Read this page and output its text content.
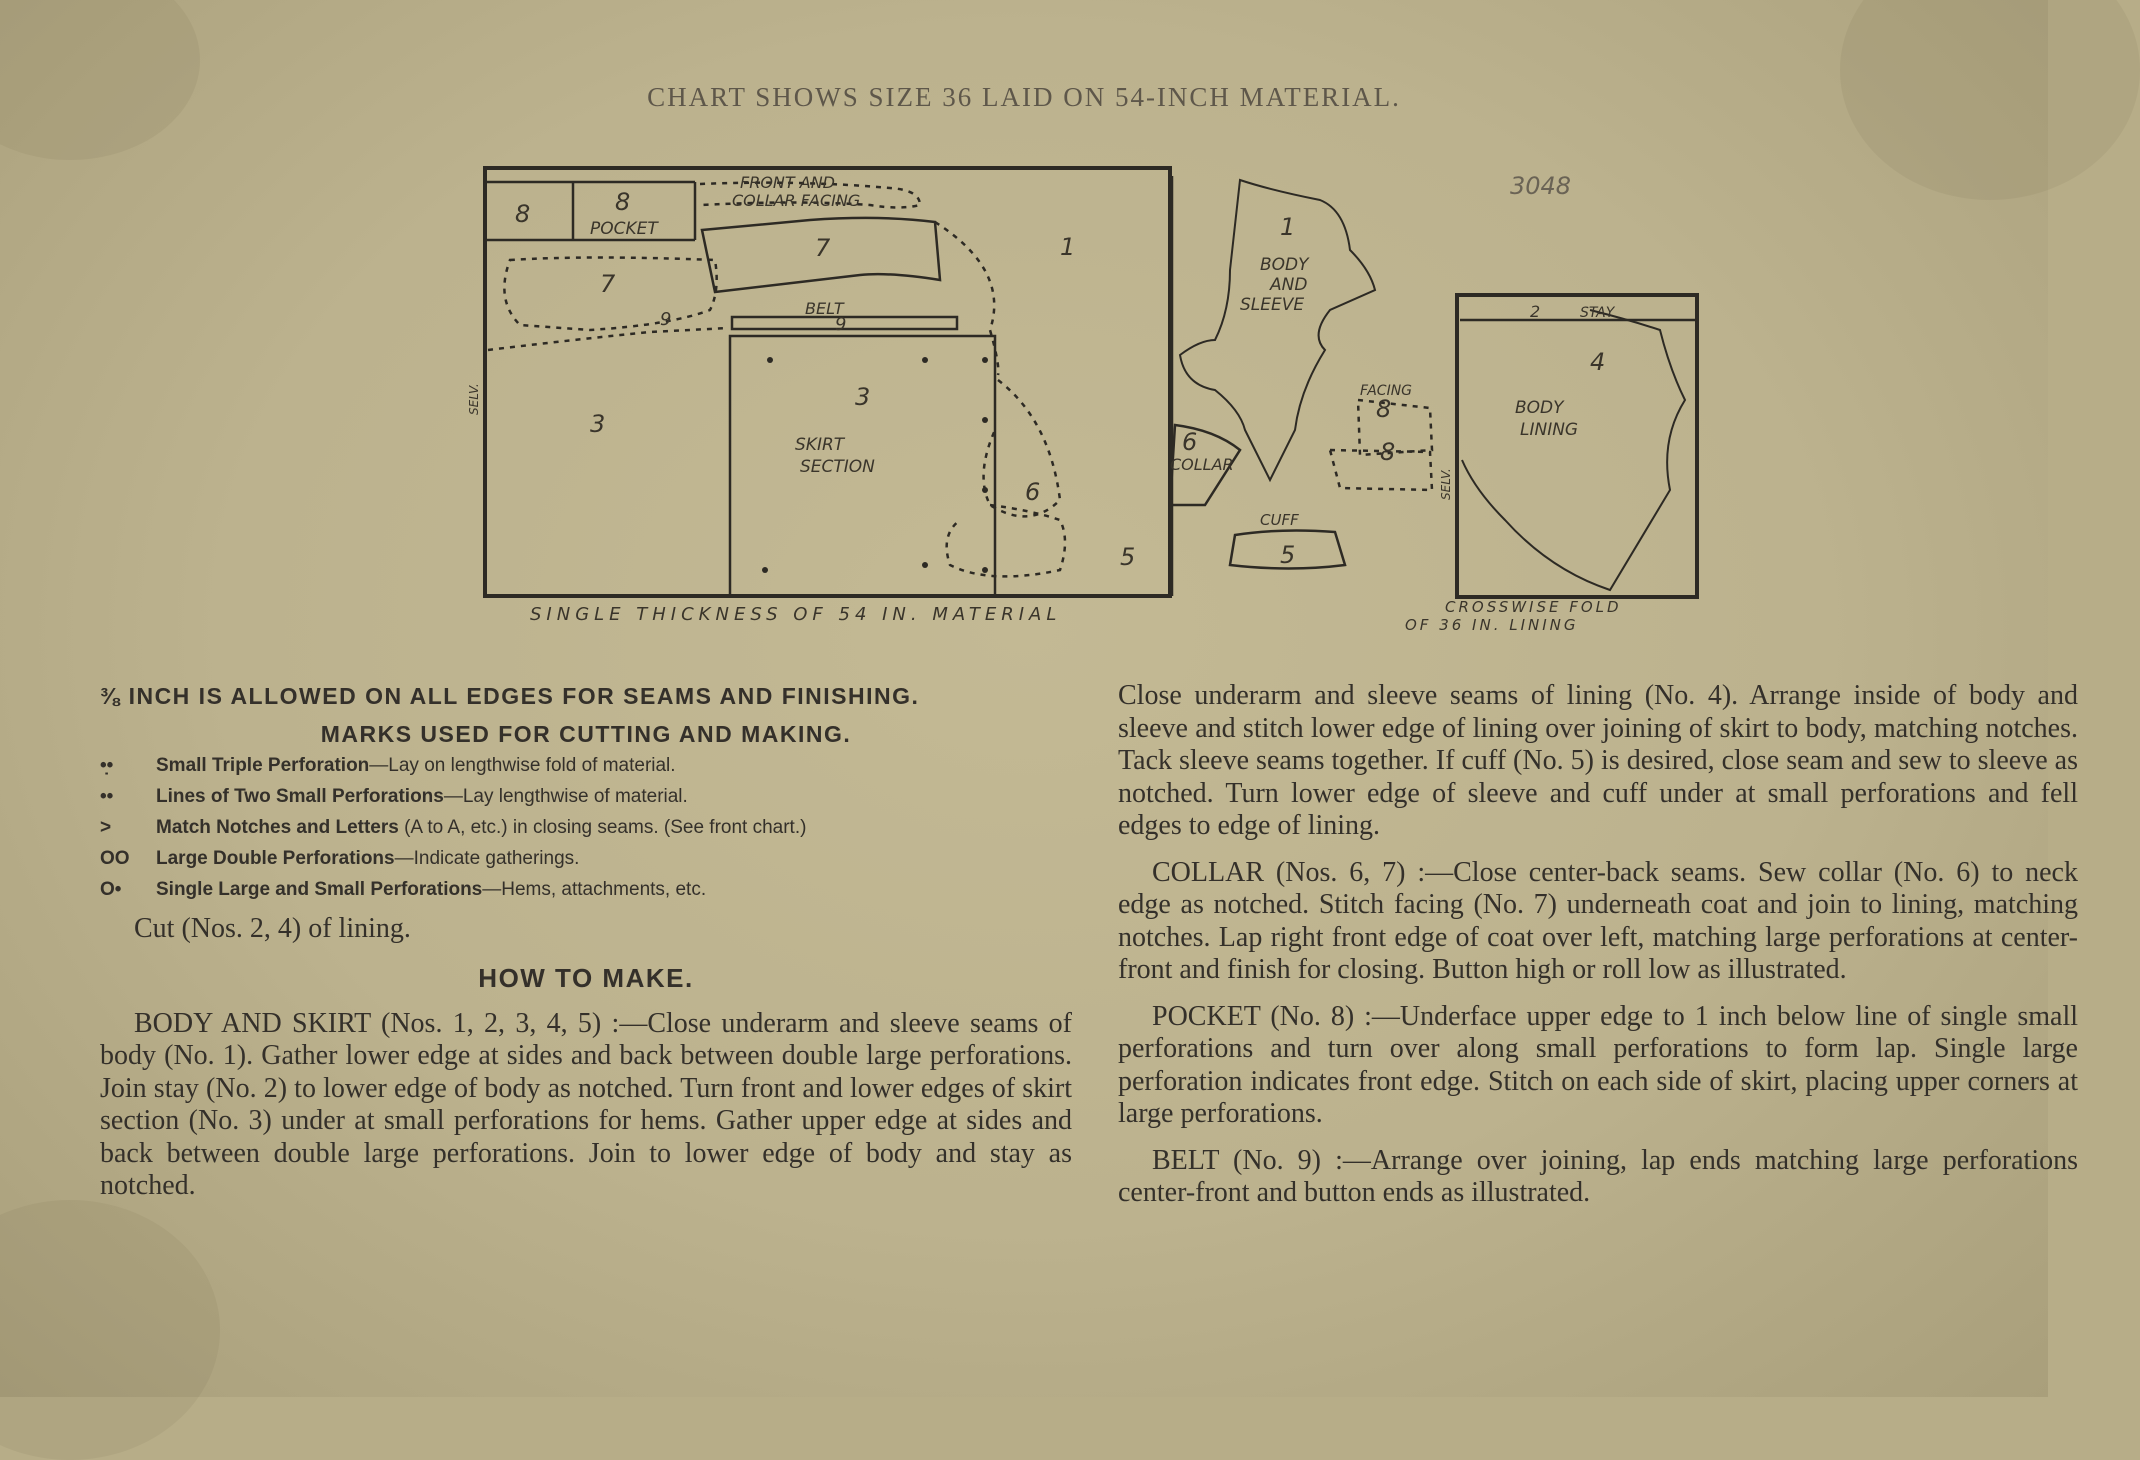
CHART SHOWS SIZE 36 LAID ON 54-INCH MATERIAL.
8	8
POCKET
FRONT AND
COLLAR FACING
7
7
1
1
BODY
AND
SLEEVE
BELT
9	9
3
3
SKIRT
SECTION
6
6
COLLAR
5	5
CUFF
FACING
8
8
2	STAY
4
BODY
LINING
3048
SINGLE THICKNESS OF 54 IN. MATERIAL	CROSSWISE FOLD
OF 36 IN. LINING
SELV.
SELV.

⅜ INCH IS ALLOWED ON ALL EDGES FOR SEAMS AND FINISHING.

MARKS USED FOR CUTTING AND MAKING.

•̣• Small Triple Perforation—Lay on lengthwise fold of material.

•• Lines of Two Small Perforations—Lay lengthwise of material.

> Match Notches and Letters (A to A, etc.) in closing seams. (See front chart.)

OO Large Double Perforations—Indicate gatherings.

O• Single Large and Small Perforations—Hems, attachments, etc.

Cut (Nos. 2, 4) of lining.

HOW TO MAKE.

BODY AND SKIRT (Nos. 1, 2, 3, 4, 5) :—Close underarm and sleeve seams of body (No. 1). Gather lower edge at sides and back between double large perforations. Join stay (No. 2) to lower edge of body as notched. Turn front and lower edges of skirt section (No. 3) under at small perforations for hems. Gather upper edge at sides and back between double large perforations. Join to lower edge of body and stay as notched.

Close underarm and sleeve seams of lining (No. 4). Arrange inside of body and sleeve and stitch lower edge of lining over joining of skirt to body, matching notches. Tack sleeve seams together. If cuff (No. 5) is desired, close seam and sew to sleeve as notched. Turn lower edge of sleeve and cuff under at small perforations and fell edges to edge of lining.

COLLAR (Nos. 6, 7) :—Close center-back seams. Sew collar (No. 6) to neck edge as notched. Stitch facing (No. 7) underneath coat and join to lining, matching notches. Lap right front edge of coat over left, matching large perforations at center-front and finish for closing. Button high or roll low as illustrated.

POCKET (No. 8) :—Underface upper edge to 1 inch below line of single small perforations and turn over along small perforations to form lap. Single large perforation indicates front edge. Stitch on each side of skirt, placing upper corners at large perforations.

BELT (No. 9) :—Arrange over joining, lap ends matching large perforations center-front and button ends as illustrated.
